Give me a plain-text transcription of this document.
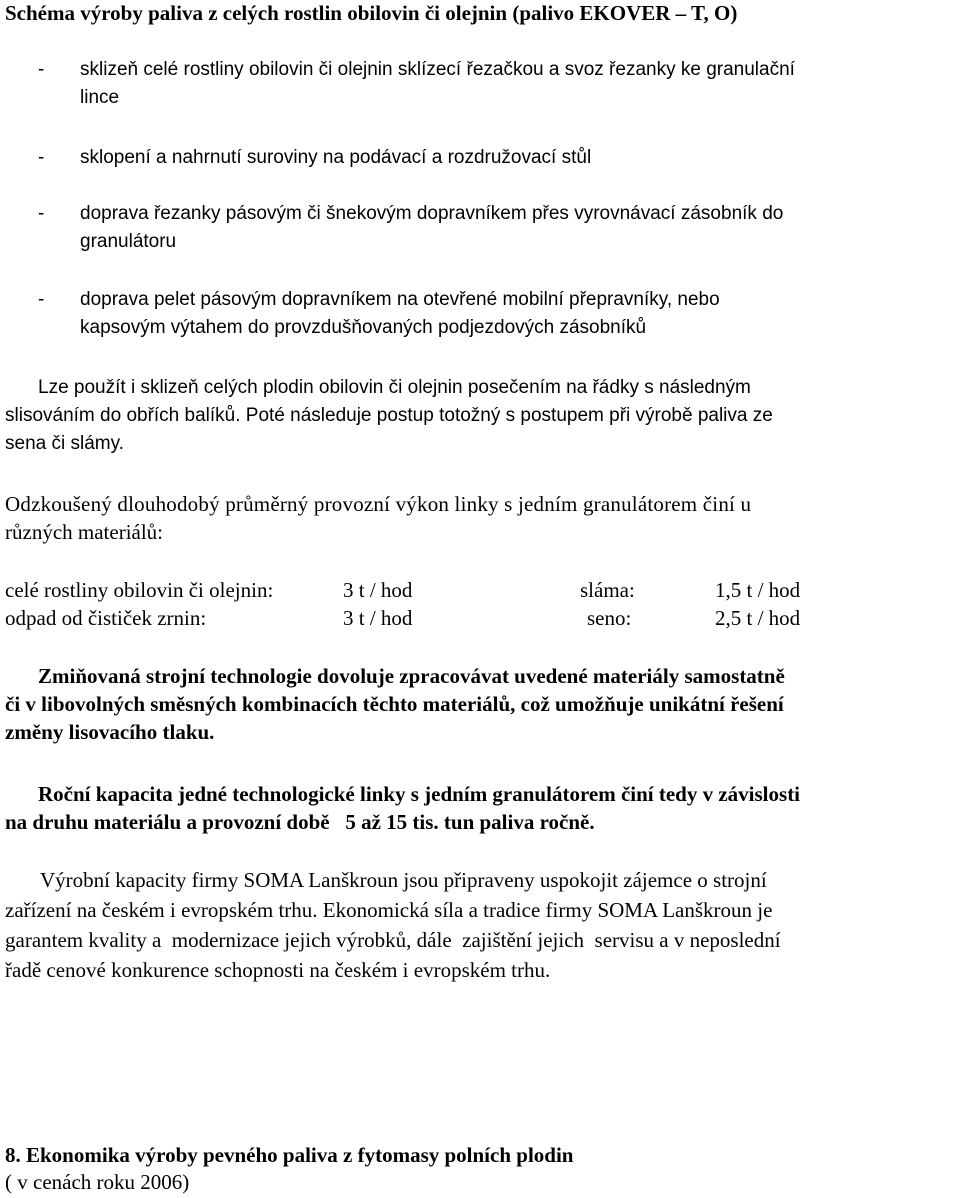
Schéma výroby paliva z celých rostlin obilovin či olejnin (palivo EKOVER – T, O)
- sklizeň celé rostliny obilovin či olejnin sklízecí řezačkou a svoz řezanky ke granulační
lince
- sklopení a nahrnutí suroviny na podávací a rozdružovací stůl
- doprava řezanky pásovým či šnekovým dopravníkem přes vyrovnávací zásobník do
granulátoru
- doprava pelet pásovým dopravníkem na otevřené mobilní přepravníky, nebo
kapsovým výtahem do provzdušňovaných podjezdových zásobníků
Lze použít i sklizeň celých plodin obilovin či olejnin posečením na řádky s následným
slisováním do obřích balíků. Poté následuje postup totožný s postupem při výrobě paliva ze
sena či slámy.
Odzkoušený dlouhodobý průměrný provozní výkon linky s jedním granulátorem činí u
různých materiálů:
celé rostliny obilovin či olejnin:	3 t / hod	sláma:	1,5 t / hod
odpad od čističek zrnin:	3 t / hod	seno:	2,5 t / hod
Zmiňovaná strojní technologie dovoluje zpracovávat uvedené materiály samostatně
či v libovolných směsných kombinacích těchto materiálů, což umožňuje unikátní řešení
změny lisovacího tlaku.
Roční kapacita jedné technologické linky s jedním granulátorem činí tedy v závislosti
na druhu materiálu a provozní době   5 až 15 tis. tun paliva ročně.
Výrobní kapacity firmy SOMA Lanškroun jsou připraveny uspokojit zájemce o strojní
zařízení na českém i evropském trhu. Ekonomická síla a tradice firmy SOMA Lanškroun je
garantem kvality a  modernizace jejich výrobků, dále  zajištění jejich  servisu a v neposlední
řadě cenové konkurence schopnosti na českém i evropském trhu.
8. Ekonomika výroby pevného paliva z fytomasy polních plodin
( v cenách roku 2006)
